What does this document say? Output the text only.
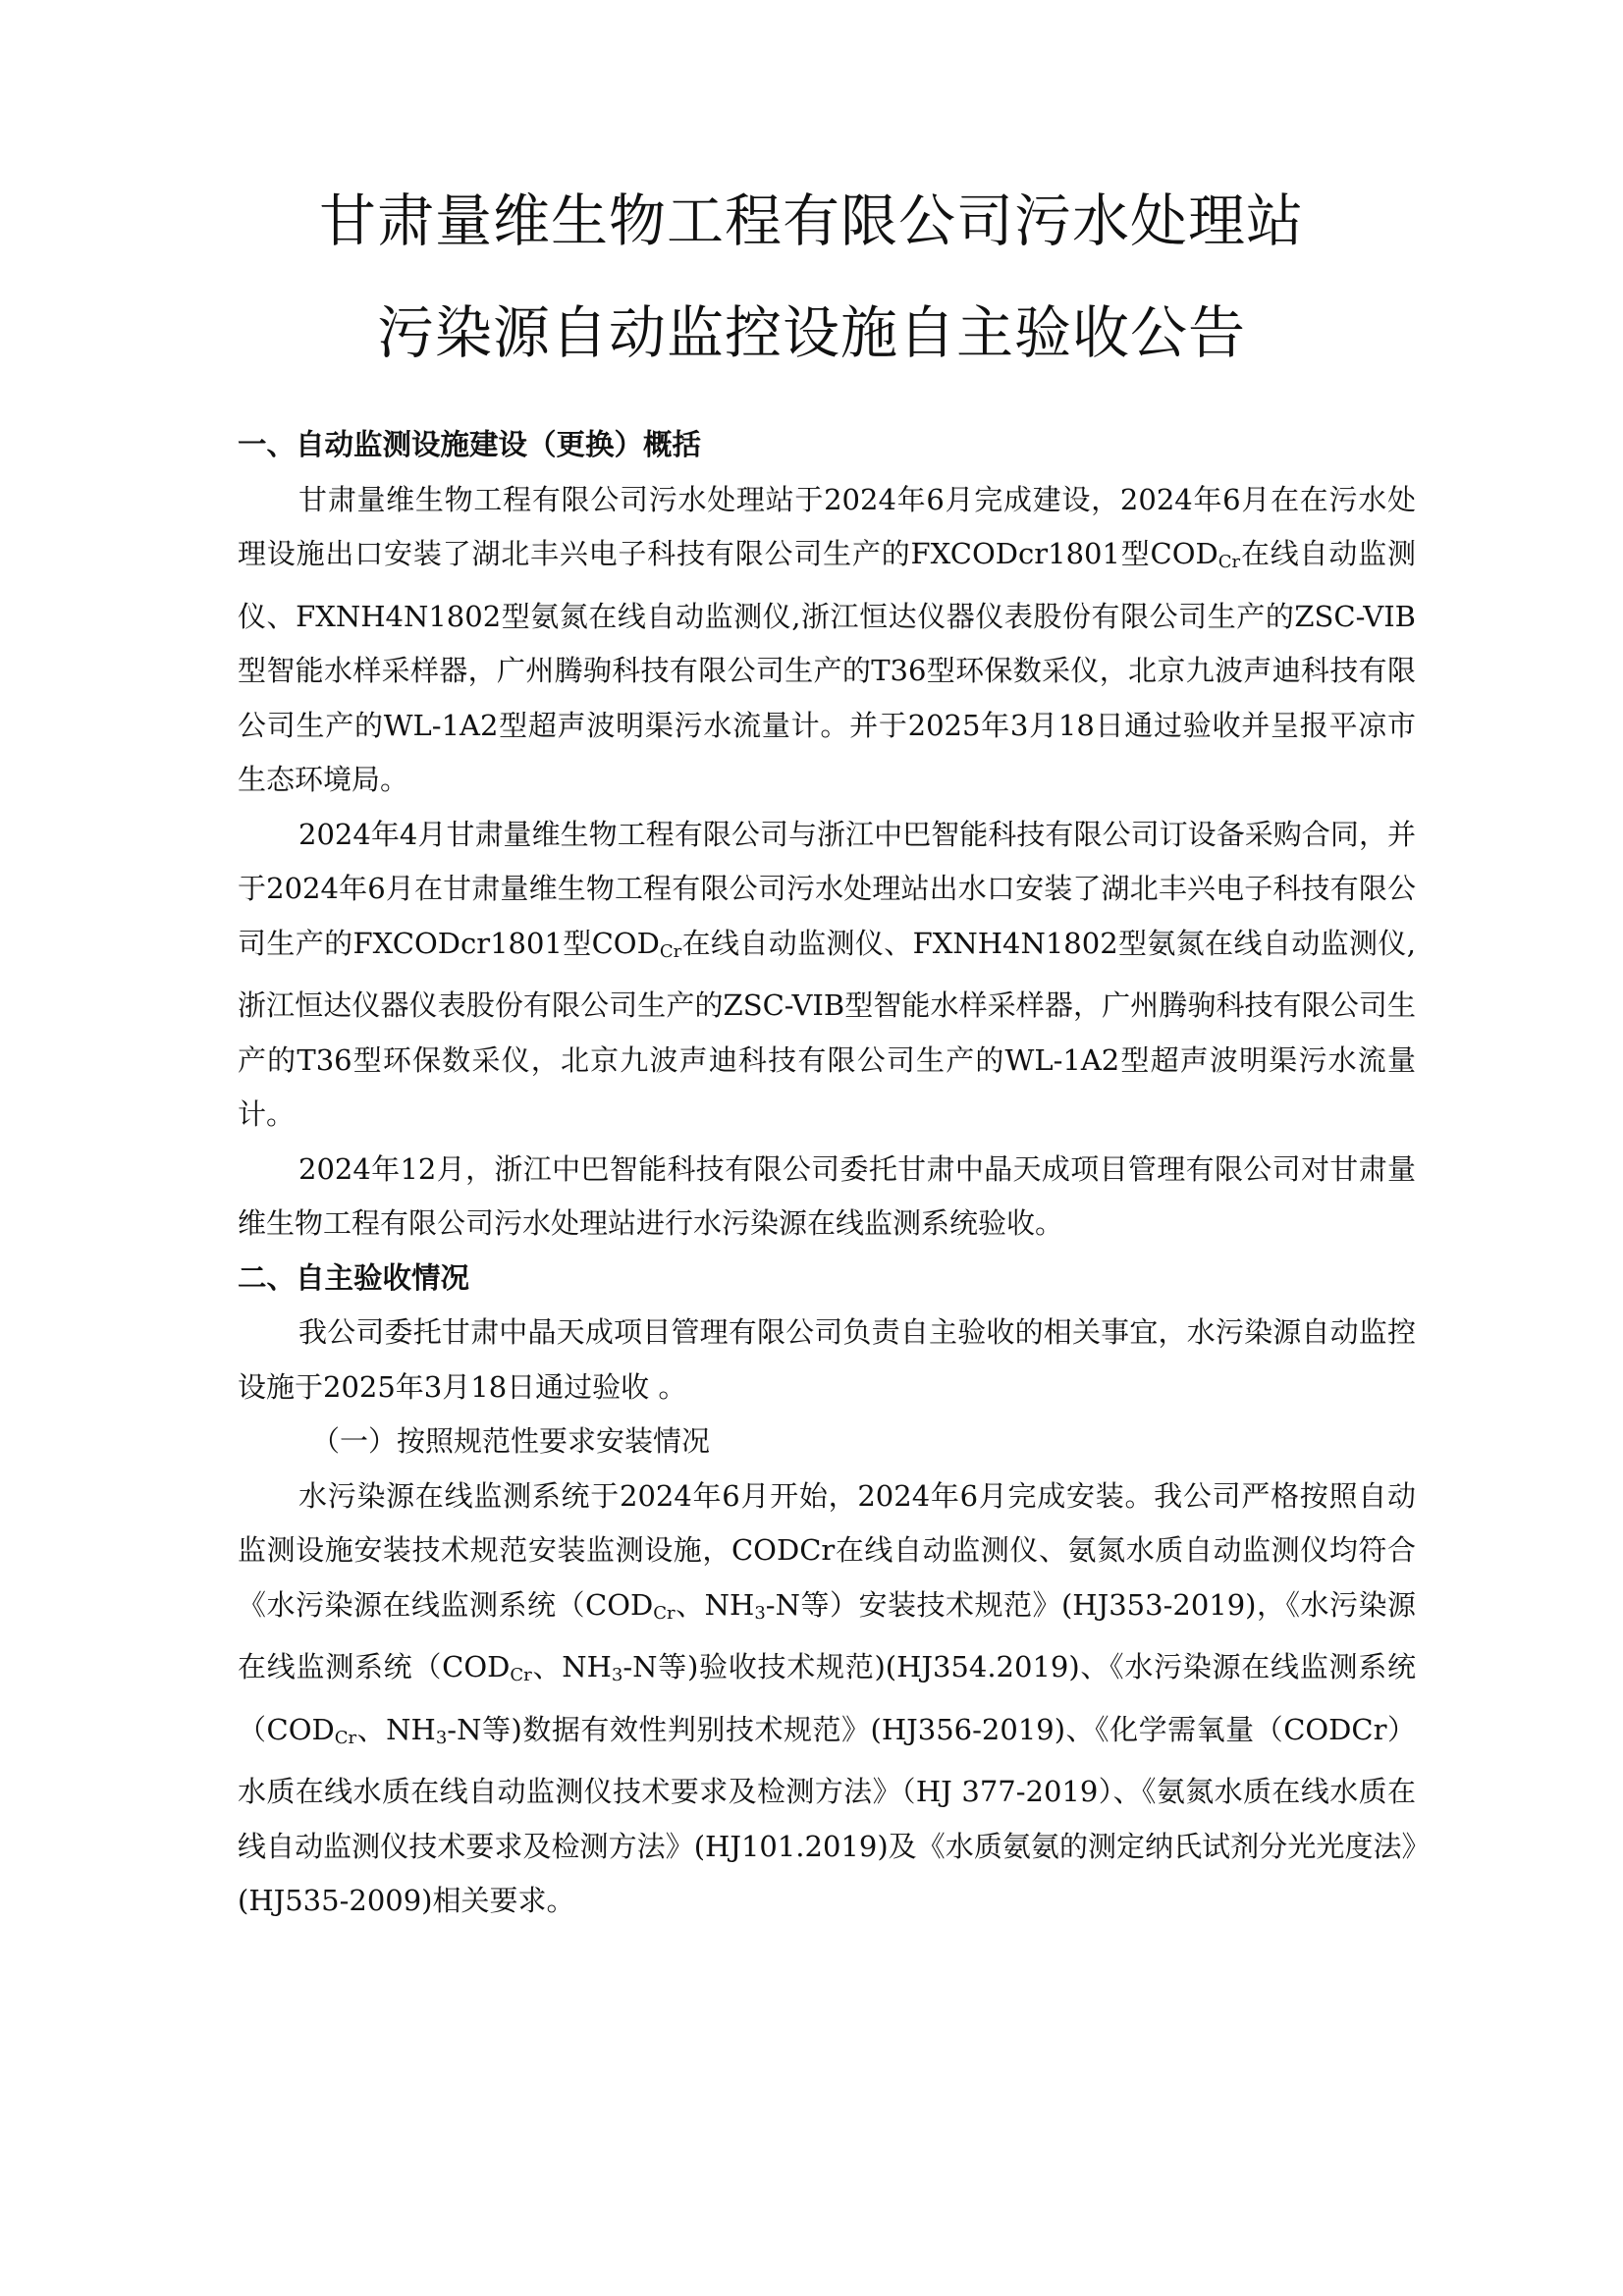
甘肃量维生物工程有限公司污水处理站
污染源自动监控设施自主验收公告

一、自动监测设施建设（更换）概括

甘肃量维生物工程有限公司污水处理站于2024年6月完成建设，2024年6月在在污水处理设施出口安装了湖北丰兴电子科技有限公司生产的FXCODcr1801型$COD_{Cr}$在线自动监测仪、FXNH4N1802型氨氮在线自动监测仪,浙江恒达仪器仪表股份有限公司生产的ZSC-VIB型智能水样采样器，广州腾驹科技有限公司生产的T36型环保数采仪，北京九波声迪科技有限公司生产的WL-1A2型超声波明渠污水流量计。并于2025年3月18日通过验收并呈报平凉市生态环境局。

2024年4月甘肃量维生物工程有限公司与浙江中巴智能科技有限公司订设备采购合同，并于2024年6月在甘肃量维生物工程有限公司污水处理站出水口安装了湖北丰兴电子科技有限公司生产的FXCODcr1801型$COD_{Cr}$在线自动监测仪、FXNH4N1802型氨氮在线自动监测仪,浙江恒达仪器仪表股份有限公司生产的ZSC-VIB型智能水样采样器，广州腾驹科技有限公司生产的T36型环保数采仪，北京九波声迪科技有限公司生产的WL-1A2型超声波明渠污水流量计。

2024年12月，浙江中巴智能科技有限公司委托甘肃中晶天成项目管理有限公司对甘肃量维生物工程有限公司污水处理站进行水污染源在线监测系统验收。

二、自主验收情况

我公司委托甘肃中晶天成项目管理有限公司负责自主验收的相关事宜，水污染源自动监控设施于2025年3月18日通过验收 。

（一）按照规范性要求安装情况

水污染源在线监测系统于2024年6月开始，2024年6月完成安装。我公司严格按照自动监测设施安装技术规范安装监测设施，CODCr在线自动监测仪、氨氮水质自动监测仪均符合《水污染源在线监测系统（$COD_{Cr}$、$NH_3-N$等）安装技术规范》(HJ353-2019)，《水污染源在线监测系统（$COD_{Cr}$、$NH_3-N$等)验收技术规范)(HJ354.2019)、《水污染源在线监测系统（$COD_{Cr}$、$NH_3-N$等)数据有效性判别技术规范》(HJ356-2019)、《化学需氧量（CODCr）水质在线水质在线自动监测仪技术要求及检测方法》（HJ 377-2019）、《氨氮水质在线水质在线自动监测仪技术要求及检测方法》(HJ101.2019)及《水质氨氨的测定纳氏试剂分光光度法》(HJ535-2009)相关要求。
